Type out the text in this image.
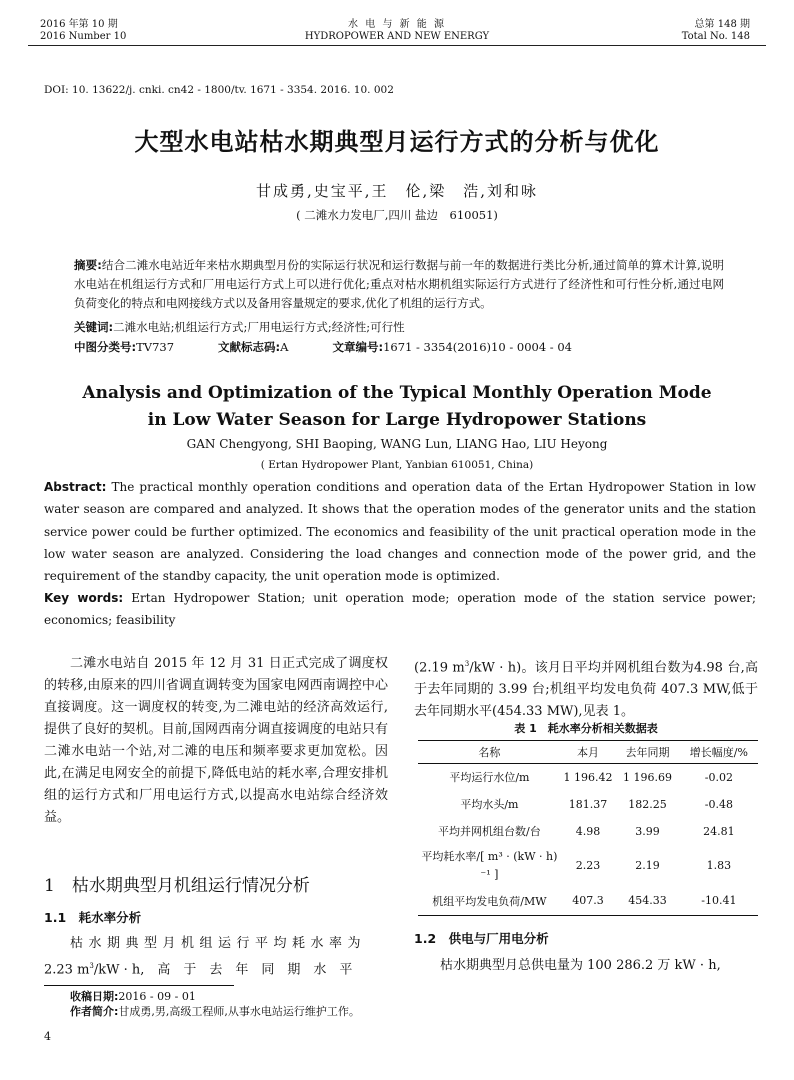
2016 年第 10 期
2016 Number 10
水 电 与 新 能 源
HYDROPOWER AND NEW ENERGY
总第 148 期
Total No. 148
DOI: 10. 13622/j. cnki. cn42 - 1800/tv. 1671 - 3354. 2016. 10. 002
大型水电站枯水期典型月运行方式的分析与优化
甘成勇,史宝平,王　伦,梁　浩,刘和咏
( 二滩水力发电厂,四川 盐边　610051)
摘要:结合二滩水电站近年来枯水期典型月份的实际运行状况和运行数据与前一年的数据进行类比分析,通过简单的算术计算,说明水电站在机组运行方式和厂用电运行方式上可以进行优化;重点对枯水期机组实际运行方式进行了经济性和可行性分析,通过电网负荷变化的特点和电网接线方式以及备用容量规定的要求,优化了机组的运行方式。
关键词:二滩水电站;机组运行方式;厂用电运行方式;经济性;可行性
中图分类号:TV737	文献标志码:A	文章编号:1671 - 3354(2016)10 - 0004 - 04
Analysis and Optimization of the Typical Monthly Operation Mode
in Low Water Season for Large Hydropower Stations
GAN Chengyong, SHI Baoping, WANG Lun, LIANG Hao, LIU Heyong
( Ertan Hydropower Plant, Yanbian 610051, China)
Abstract: The practical monthly operation conditions and operation data of the Ertan Hydropower Station in low water season are compared and analyzed. It shows that the operation modes of the generator units and the station service power could be further optimized. The economics and feasibility of the unit practical operation mode in the low water season are analyzed. Considering the load changes and connection mode of the power grid, and the requirement of the standby capacity, the unit operation mode is optimized.
Key words: Ertan Hydropower Station; unit operation mode; operation mode of the station service power; economics; feasibility
二滩水电站自 2015 年 12 月 31 日正式完成了调度权的转移,由原来的四川省调直调转变为国家电网西南调控中心直接调度。这一调度权的转变,为二滩电站的经济高效运行,提供了良好的契机。目前,国网西南分调直接调度的电站只有二滩水电站一个站,对二滩的电压和频率要求更加宽松。因此,在满足电网安全的前提下,降低电站的耗水率,合理安排机组的运行方式和厂用电运行方式,以提高水电站综合经济效益。
1　枯水期典型月机组运行情况分析
1.1　耗水率分析
枯水期典型月机组运行平均耗水率为
2.23 $m^3/kW \cdot h$,　高　于　去　年　同　期　水　平
(2.19 $m^3/kW \cdot h$)。该月日平均并网机组台数为4.98 台,高于去年同期的 3.99 台;机组平均发电负荷 407.3 MW,低于去年同期水平(454.33 MW),见表 1。
表 1　耗水率分析相关数据表
名称	本月	去年同期	增长幅度/%
平均运行水位/m	1 196.42	1 196.69	-0.02
平均水头/m	181.37	182.25	-0.48
平均并网机组台数/台	4.98	3.99	24.81
平均耗水率/[ m³ · (kW · h) ⁻¹ ]	2.23	2.19	1.83
机组平均发电负荷/MW	407.3	454.33	-10.41
1.2　供电与厂用电分析
枯水期典型月总供电量为 100 286.2 万 kW · h,
收稿日期:2016 - 09 - 01
作者简介:甘成勇,男,高级工程师,从事水电站运行维护工作。
4
